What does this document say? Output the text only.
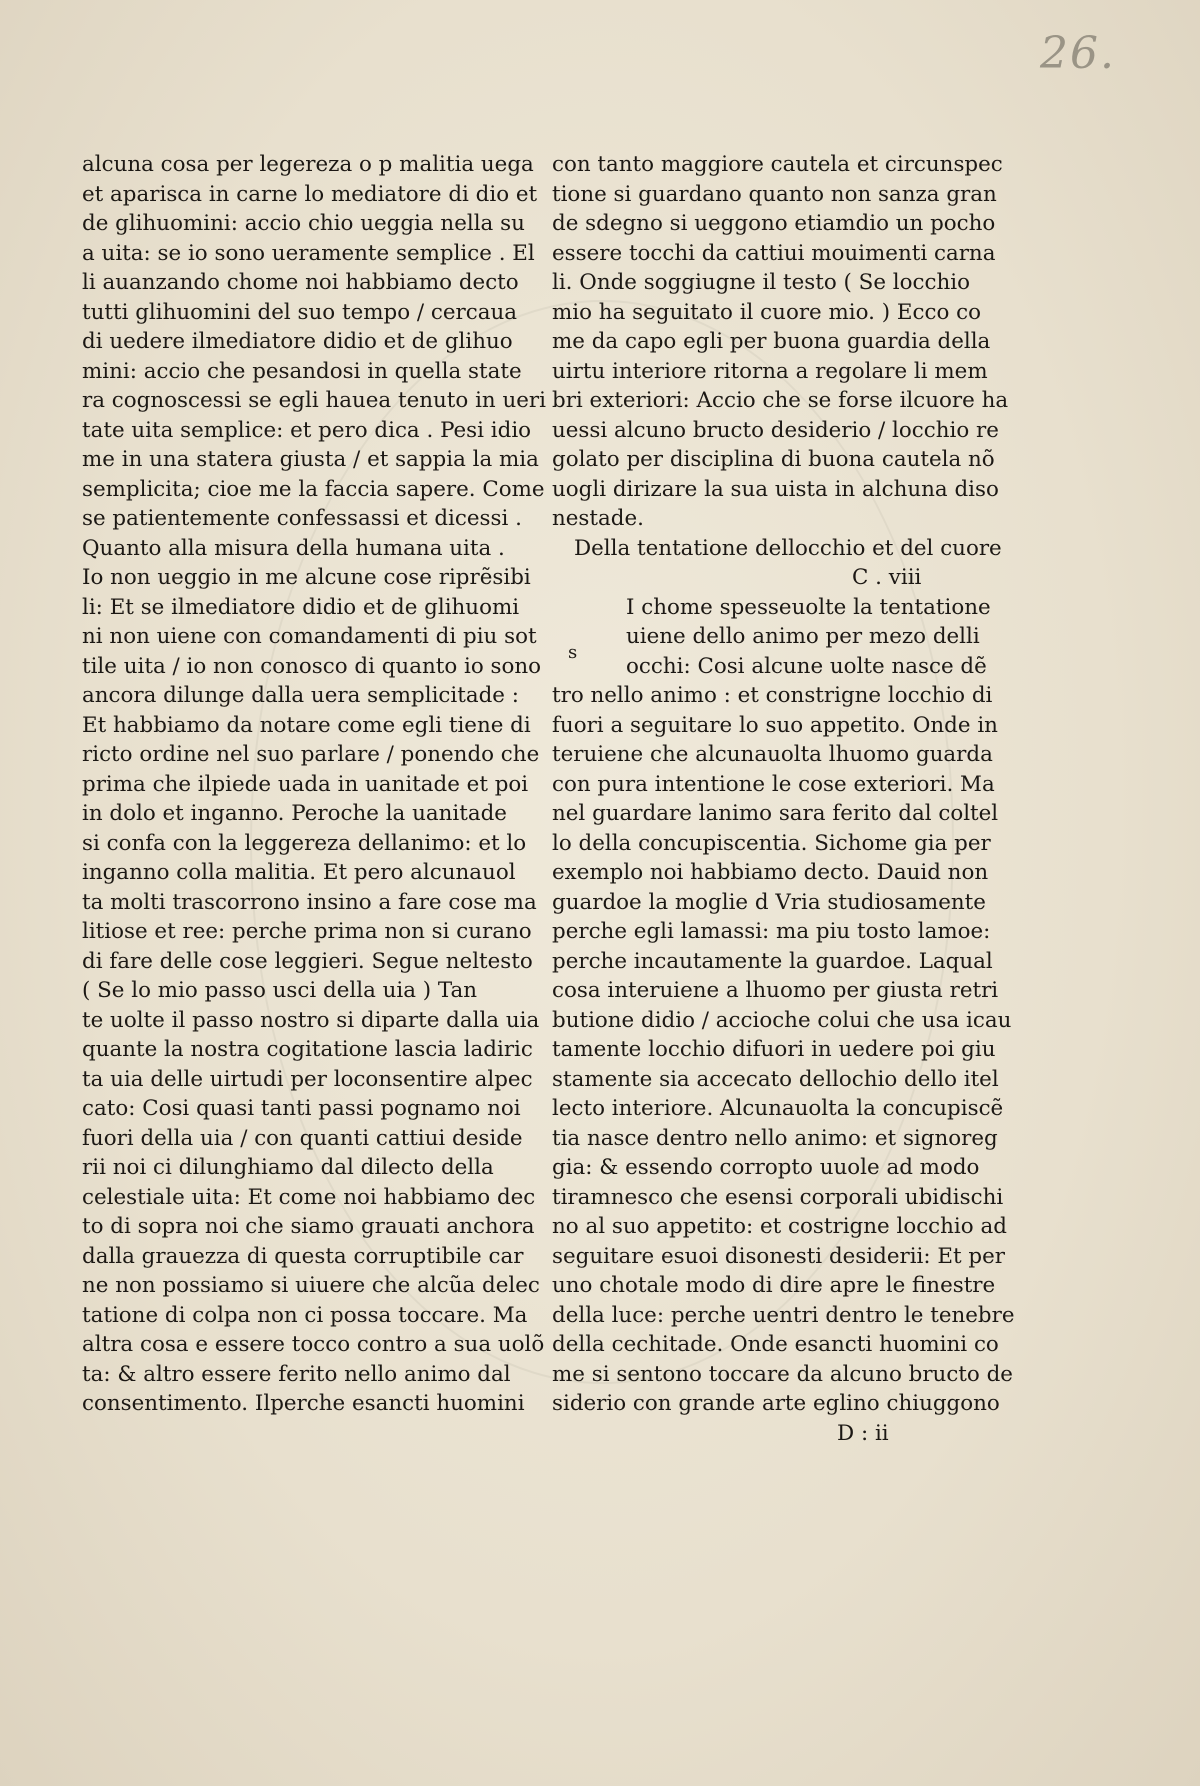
26.
alcuna cosa per legereza o p malitia uega
et aparisca in carne lo mediatore di dio et
de glihuomini: accio chio ueggia nella su
a uita: se io sono ueramente semplice . El
li auanzando chome noi habbiamo decto
tutti glihuomini del suo tempo / cercaua
di uedere ilmediatore didio et de glihuo
mini: accio che pesandosi in quella state
ra cognoscessi se egli hauea tenuto in ueri
tate uita semplice: et pero dica . Pesi idio
me in una statera giusta / et sappia la mia
semplicita; cioe me la faccia sapere. Come
se patientemente confessassi et dicessi .
Quanto alla misura della humana uita .
Io non ueggio in me alcune cose riprẽsibi
li: Et se ilmediatore didio et de glihuomi
ni non uiene con comandamenti di piu sot
tile uita / io non conosco di quanto io sono
ancora dilunge dalla uera semplicitade :
Et habbiamo da notare come egli tiene di
ricto ordine nel suo parlare / ponendo che
prima che ilpiede uada in uanitade et poi
in dolo et inganno. Peroche la uanitade
si confa con la leggereza dellanimo: et lo
inganno colla malitia. Et pero alcunauol
ta molti trascorrono insino a fare cose ma
litiose et ree: perche prima non si curano
di fare delle cose leggieri. Segue neltesto
( Se lo mio passo usci della uia ) Tan
te uolte il passo nostro si diparte dalla uia
quante la nostra cogitatione lascia ladiric
ta uia delle uirtudi per loconsentire alpec
cato: Cosi quasi tanti passi pognamo noi
fuori della uia / con quanti cattiui deside
rii noi ci dilunghiamo dal dilecto della
celestiale uita: Et come noi habbiamo dec
to di sopra noi che siamo grauati anchora
dalla grauezza di questa corruptibile car
ne non possiamo si uiuere che alcũa delec
tatione di colpa non ci possa toccare. Ma
altra cosa e essere tocco contro a sua uolõ
ta: & altro essere ferito nello animo dal
consentimento. Ilperche esancti huomini
con tanto maggiore cautela et circunspec
tione si guardano quanto non sanza gran
de sdegno si ueggono etiamdio un pocho
essere tocchi da cattiui mouimenti carna
li. Onde soggiugne il testo ( Se locchio
mio ha seguitato il cuore mio. ) Ecco co
me da capo egli per buona guardia della
uirtu interiore ritorna a regolare li mem
bri exteriori: Accio che se forse ilcuore ha
uessi alcuno bructo desiderio / locchio re
golato per disciplina di buona cautela nõ
uogli dirizare la sua uista in alchuna diso
nestade.
Della tentatione dellocchio et del cuore
C . viii
I chome spesseuolte la tentatione
uiene dello animo per mezo delli
occhi: Cosi alcune uolte nasce dẽ
tro nello animo : et constrigne locchio di
fuori a seguitare lo suo appetito. Onde in
teruiene che alcunauolta lhuomo guarda
con pura intentione le cose exteriori. Ma
nel guardare lanimo sara ferito dal coltel
lo della concupiscentia. Sichome gia per
exemplo noi habbiamo decto. Dauid non
guardoe la moglie d Vria studiosamente
perche egli lamassi: ma piu tosto lamoe:
perche incautamente la guardoe. Laqual
cosa interuiene a lhuomo per giusta retri
butione didio / accioche colui che usa icau
tamente locchio difuori in uedere poi giu
stamente sia accecato dellochio dello itel
lecto interiore. Alcunauolta la concupiscẽ
tia nasce dentro nello animo: et signoreg
gia: & essendo corropto uuole ad modo
tiramnesco che esensi corporali ubidischi
no al suo appetito: et costrigne locchio ad
seguitare esuoi disonesti desiderii: Et per
uno chotale modo di dire apre le finestre
della luce: perche uentri dentro le tenebre
della cechitade. Onde esancti huomini co
me si sentono toccare da alcuno bructo de
siderio con grande arte eglino chiuggono
D : ii
s
